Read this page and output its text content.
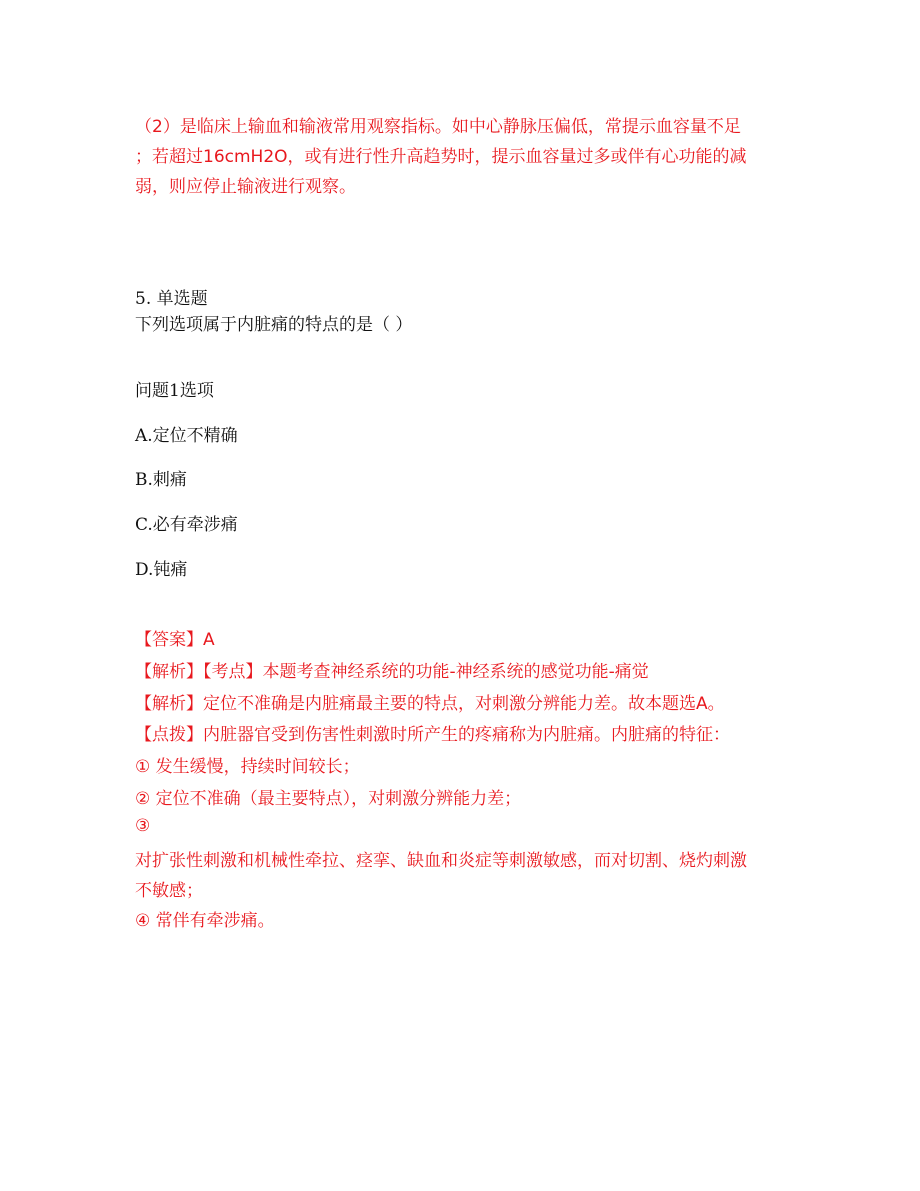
（2）是临床上输血和输液常用观察指标。如中心静脉压偏低，常提示血容量不足
；若超过16cmH2O，或有进行性升高趋势时，提示血容量过多或伴有心功能的减
弱，则应停止输液进行观察。
5. 单选题
下列选项属于内脏痛的特点的是（ ）
问题1选项
A.定位不精确
B.刺痛
C.必有牵涉痛
D.钝痛
【答案】A
【解析】【考点】本题考查神经系统的功能-神经系统的感觉功能-痛觉
【解析】定位不准确是内脏痛最主要的特点，对刺激分辨能力差。故本题选A。
【点拨】内脏器官受到伤害性刺激时所产生的疼痛称为内脏痛。内脏痛的特征：
① 发生缓慢，持续时间较长；
② 定位不准确（最主要特点），对刺激分辨能力差；
③
对扩张性刺激和机械性牵拉、痉挛、缺血和炎症等刺激敏感，而对切割、烧灼刺激
不敏感；
④ 常伴有牵涉痛。
